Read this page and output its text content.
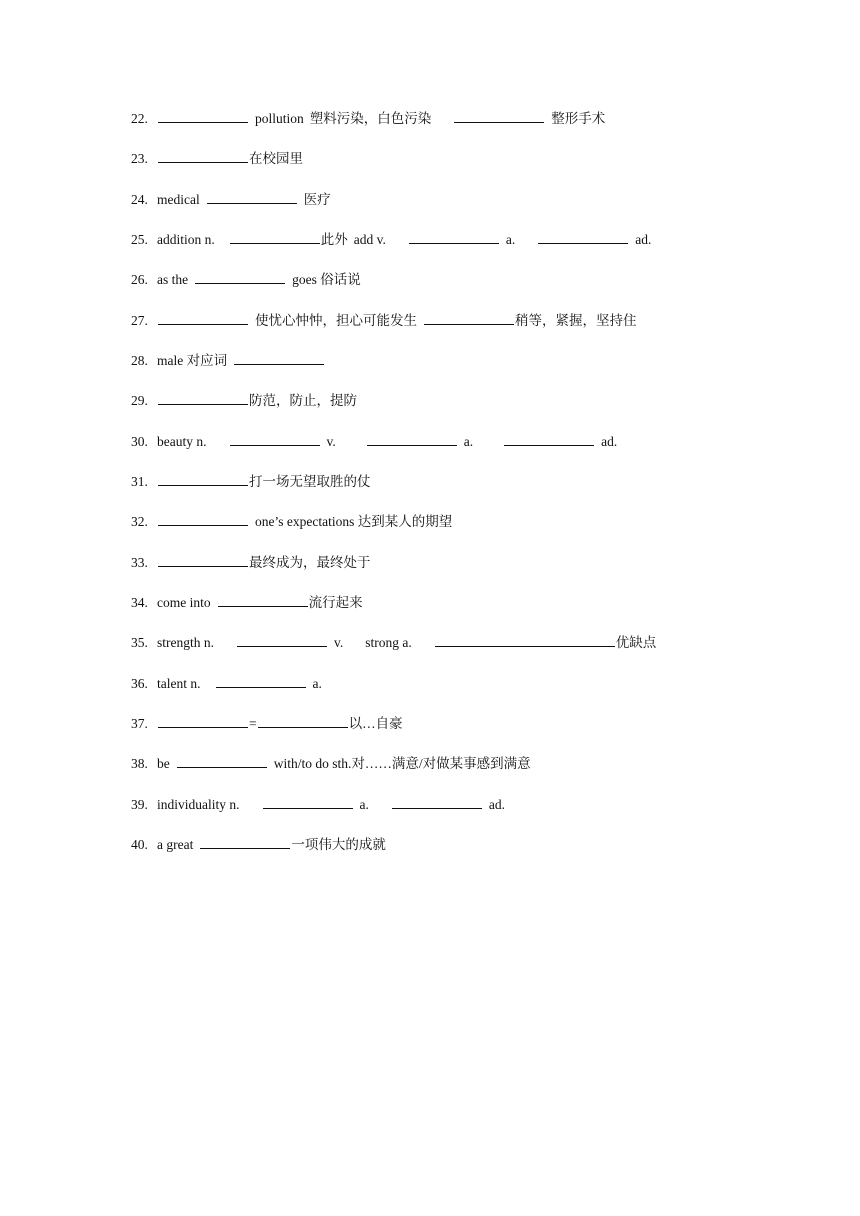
22.	pollution 塑料污染，白色污染	整形手术
23.	在校园里
24. medical	医疗
25. addition n.	此外 add v.	a.	ad.
26. as the	goes 俗话说
27.	使忧心忡忡，担心可能发生	稍等，紧握，坚持住
28. male 对应词
29.	防范，防止，提防
30. beauty n.	v.	a.	ad.
31.	打一场无望取胜的仗
32.	one’s expectations 达到某人的期望
33.	最终成为，最终处于
34. come into	流行起来
35. strength n.	v. strong a.	优缺点
36. talent n.	a.
37.	=	以…自豪
38. be	with/to do sth.对……满意/对做某事感到满意
39. individuality n.	a.	ad.
40. a great	一项伟大的成就
